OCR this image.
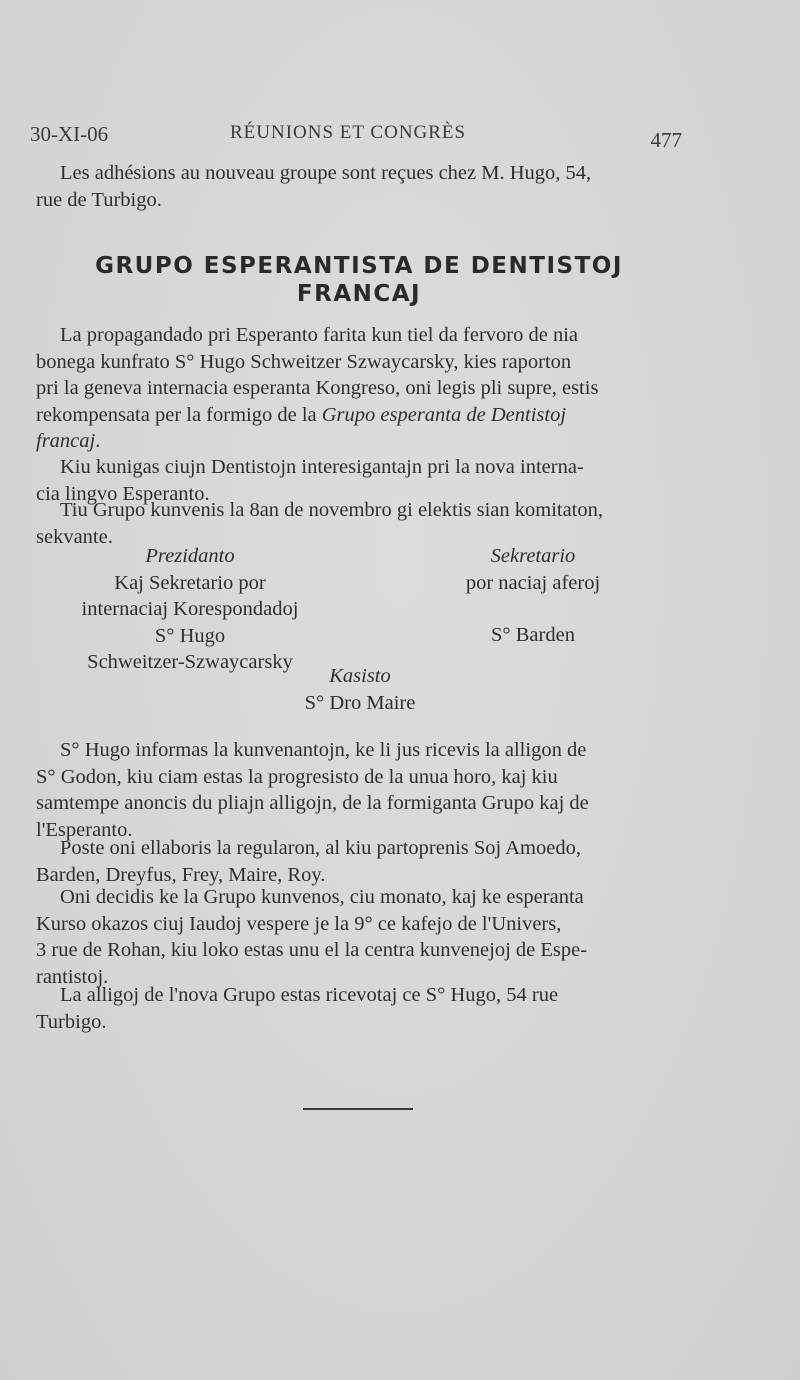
30-XI-06	RÉUNIONS ET CONGRÈS	477
Les adhésions au nouveau groupe sont reçues chez M. Hugo, 54,
rue de Turbigo.
GRUPO ESPERANTISTA DE DENTISTOJ
FRANCAJ
La propagandado pri Esperanto farita kun tiel da fervoro de nia
bonega kunfrato S° Hugo Schweitzer Szwaycarsky, kies raporton
pri la geneva internacia esperanta Kongreso, oni legis pli supre, estis
rekompensata per la formigo de la Grupo esperanta de Dentistoj
francaj.
Kiu kunigas ciujn Dentistojn interesigantajn pri la nova interna-
cia lingvo Esperanto.
Tiu Grupo kunvenis la 8an de novembro gi elektis sian komitaton,
sekvante.
Prezidanto
Kaj Sekretario por
internaciaj Korespondadoj
S° Hugo
Schweitzer-Szwaycarsky
Sekretario
por naciaj aferoj
S° Barden
Kasisto
S° Dro Maire
S° Hugo informas la kunvenantojn, ke li jus ricevis la alligon de
S° Godon, kiu ciam estas la progresisto de la unua horo, kaj kiu
samtempe anoncis du pliajn alligojn, de la formiganta Grupo kaj de
l'Esperanto.
Poste oni ellaboris la regularon, al kiu partoprenis Soj Amoedo,
Barden, Dreyfus, Frey, Maire, Roy.
Oni decidis ke la Grupo kunvenos, ciu monato, kaj ke esperanta
Kurso okazos ciuj Iaudoj vespere je la 9° ce kafejo de l'Univers,
3 rue de Rohan, kiu loko estas unu el la centra kunvenejoj de Espe-
rantistoj.
La alligoj de l'nova Grupo estas ricevotaj ce S° Hugo, 54 rue
Turbigo.
